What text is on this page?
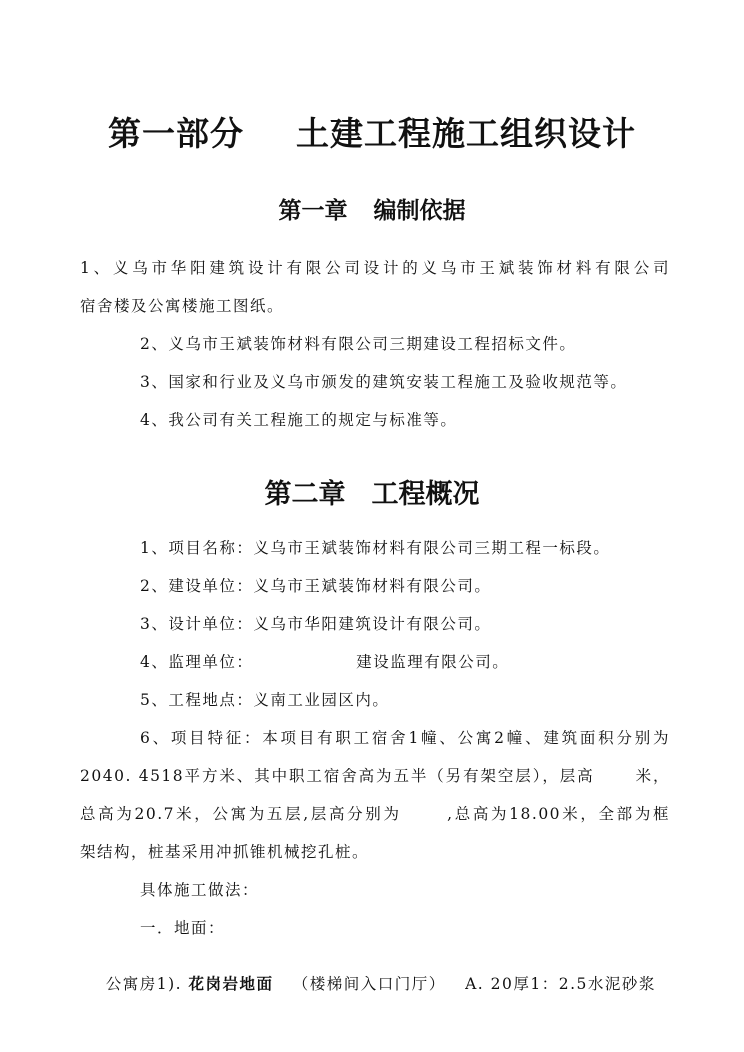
第一部分 土建工程施工组织设计
第一章 编制依据
1、义乌市华阳建筑设计有限公司设计的义乌市王斌装饰材料有限公司
宿舍楼及公寓楼施工图纸。
2、义乌市王斌装饰材料有限公司三期建设工程招标文件。
3、国家和行业及义乌市颁发的建筑安装工程施工及验收规范等。
4、我公司有关工程施工的规定与标准等。
第二章 工程概况
1、项目名称：义乌市王斌装饰材料有限公司三期工程一标段。
2、建设单位：义乌市王斌装饰材料有限公司。
3、设计单位：义乌市华阳建筑设计有限公司。
4、监理单位：                建设监理有限公司。
5、工程地点：义南工业园区内。
6、项目特征：本项目有职工宿舍1幢、公寓2幢、建筑面积分别为
2040. 4518平方米、其中职工宿舍高为五半（另有架空层），层高      米，
总高为20.7米，公寓为五层,层高分别为      ,总高为18.00米，全部为框
架结构，桩基采用冲抓锥机械挖孔桩。
具体施工做法：
一．地面：

公寓房1). 花岗岩地面 （楼梯间入口门厅）   A. 20厚1：2.5水泥砂浆
